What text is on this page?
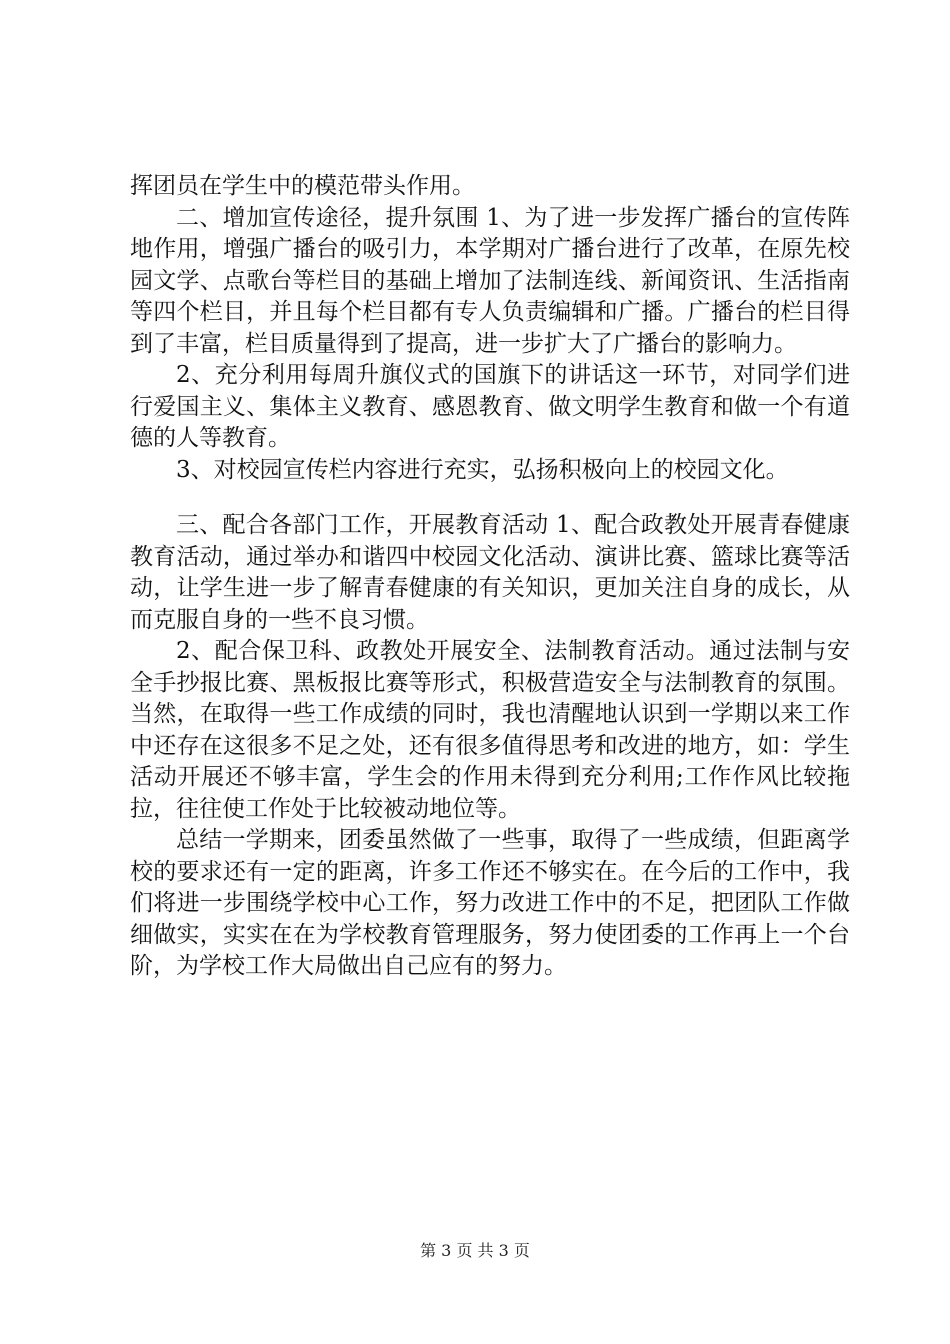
挥团员在学生中的模范带头作用。

二、增加宣传途径，提升氛围 1、为了进一步发挥广播台的宣传阵地作用，增强广播台的吸引力，本学期对广播台进行了改革，在原先校园文学、点歌台等栏目的基础上增加了法制连线、新闻资讯、生活指南等四个栏目，并且每个栏目都有专人负责编辑和广播。广播台的栏目得到了丰富，栏目质量得到了提高，进一步扩大了广播台的影响力。

2、充分利用每周升旗仪式的国旗下的讲话这一环节，对同学们进行爱国主义、集体主义教育、感恩教育、做文明学生教育和做一个有道德的人等教育。

3、对校园宣传栏内容进行充实，弘扬积极向上的校园文化。

三、配合各部门工作，开展教育活动 1、配合政教处开展青春健康教育活动，通过举办和谐四中校园文化活动、演讲比赛、篮球比赛等活动，让学生进一步了解青春健康的有关知识，更加关注自身的成长，从而克服自身的一些不良习惯。

2、配合保卫科、政教处开展安全、法制教育活动。通过法制与安全手抄报比赛、黑板报比赛等形式，积极营造安全与法制教育的氛围。当然，在取得一些工作成绩的同时，我也清醒地认识到一学期以来工作中还存在这很多不足之处，还有很多值得思考和改进的地方，如：学生活动开展还不够丰富，学生会的作用未得到充分利用;工作作风比较拖拉，往往使工作处于比较被动地位等。

总结一学期来，团委虽然做了一些事，取得了一些成绩，但距离学校的要求还有一定的距离，许多工作还不够实在。在今后的工作中，我们将进一步围绕学校中心工作，努力改进工作中的不足，把团队工作做细做实，实实在在为学校教育管理服务，努力使团委的工作再上一个台阶，为学校工作大局做出自己应有的努力。

第 3 页 共 3 页
